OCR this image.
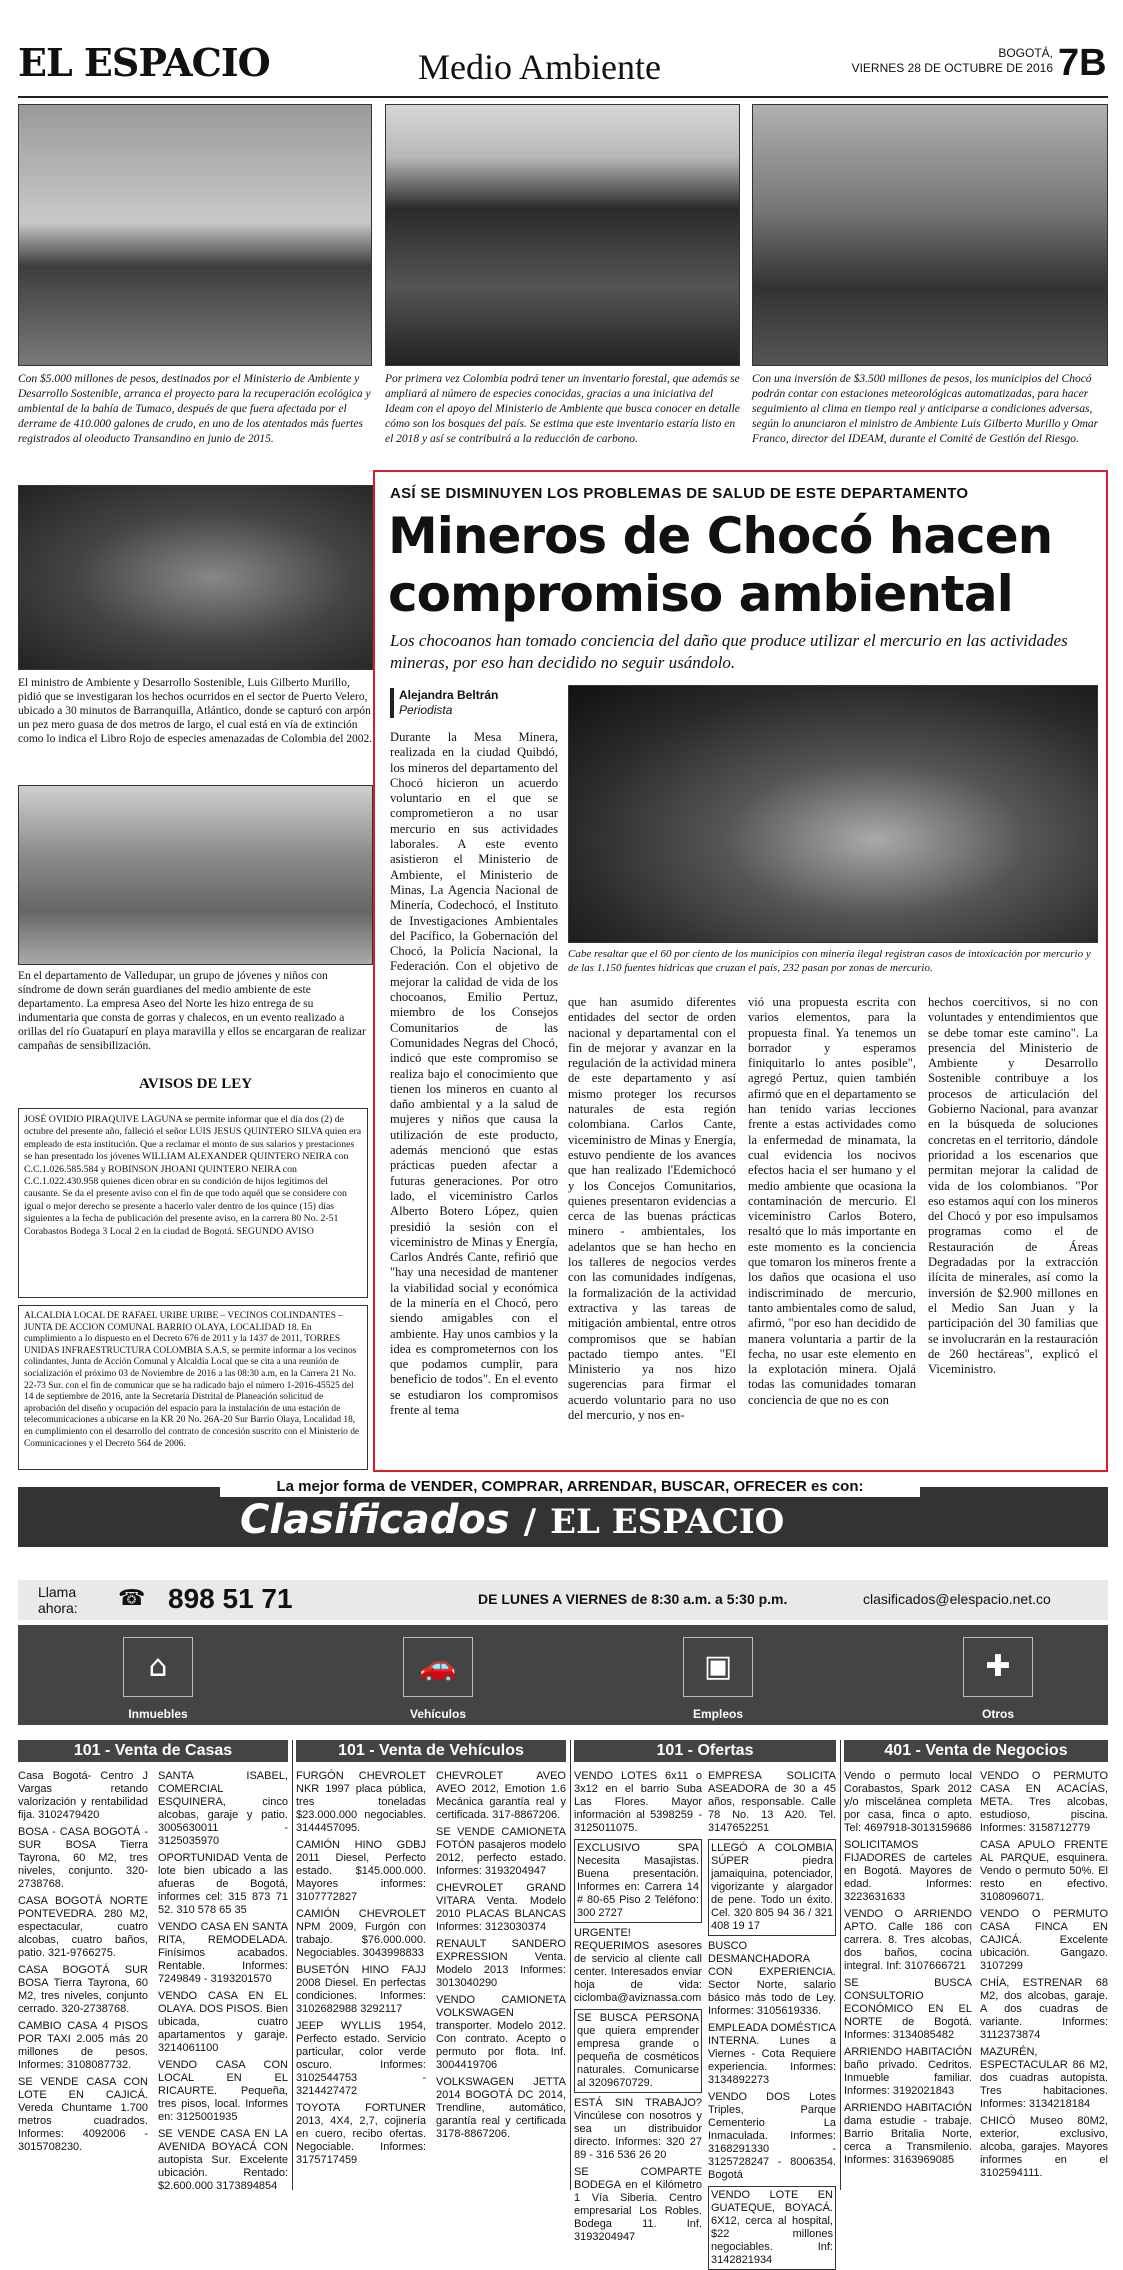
EL ESPACIO	Medio Ambiente	BOGOTÁ,
VIERNES 28 DE OCTUBRE DE 2016 7B
Con $5.000 millones de pesos, destinados por el Ministerio de Ambiente y Desarrollo Sostenible, arranca el proyecto para la recuperación ecológica y ambiental de la bahía de Tumaco, después de que fuera afectada por el derrame de 410.000 galones de crudo, en uno de los atentados más fuertes registrados al oleoducto Transandino en junio de 2015.
Por primera vez Colombia podrá tener un inventario forestal, que además se ampliará al número de especies conocidas, gracias a una iniciativa del Ideam con el apoyo del Ministerio de Ambiente que busca conocer en detalle cómo son los bosques del país. Se estima que este inventario estaría listo en el 2018 y así se contribuirá a la reducción de carbono.
Con una inversión de $3.500 millones de pesos, los municipios del Chocó podrán contar con estaciones meteorológicas automatizadas, para hacer seguimiento al clima en tiempo real y anticiparse a condiciones adversas, según lo anunciaron el ministro de Ambiente Luis Gilberto Murillo y Omar Franco, director del IDEAM, durante el Comité de Gestión del Riesgo.
El ministro de Ambiente y Desarrollo Sostenible, Luis Gilberto Murillo, pidió que se investigaran los hechos ocurridos en el sector de Puerto Velero, ubicado a 30 minutos de Barranquilla, Atlántico, donde se capturó con arpón un pez mero guasa de dos metros de largo, el cual está en vía de extinción como lo indica el Libro Rojo de especies amenazadas de Colombia del 2002.
En el departamento de Valledupar, un grupo de jóvenes y niños con síndrome de down serán guardianes del medio ambiente de este departamento. La empresa Aseo del Norte les hizo entrega de su indumentaria que consta de gorras y chalecos, en un evento realizado a orillas del río Guatapurí en playa maravilla y ellos se encargaran de realizar campañas de sensibilización.
AVISOS DE LEY
JOSÉ OVIDIO PIRAQUIVE LAGUNA se permite informar que el día dos (2) de octubre del presente año, falleció el señor LUIS JESUS QUINTERO SILVA quien era empleado de esta institución. Que a reclamar el monto de sus salarios y prestaciones se han presentado los jóvenes WILLIAM ALEXANDER QUINTERO NEIRA con C.C.1.026.585.584 y ROBINSON JHOANI QUINTERO NEIRA con C.C.1.022.430.958 quienes dicen obrar en su condición de hijos legítimos del causante. Se da el presente aviso con el fin de que todo aquél que se considere con igual o mejor derecho se presente a hacerlo valer dentro de los quince (15) días siguientes a la fecha de publicación del presente aviso, en la carrera 80 No. 2-51 Corabastos Bodega 3 Local 2 en la ciudad de Bogotá. SEGUNDO AVISO
ALCALDIA LOCAL DE RAFAEL URIBE URIBE – VECINOS COLINDANTES – JUNTA DE ACCION COMUNAL BARRIO OLAYA, LOCALIDAD 18. En cumplimiento a lo dispuesto en el Decreto 676 de 2011 y la 1437 de 2011, TORRES UNIDAS INFRAESTRUCTURA COLOMBIA S.A.S, se permite informar a los vecinos colindantes, Junta de Acción Comunal y Alcaldía Local que se cita a una reunión de socialización el próximo 03 de Noviembre de 2016 a las 08:30 a.m, en la Carrera 21 No. 22-73 Sur. con el fin de comunicar que se ha radicado bajo el número 1-2016-45525 del 14 de septiembre de 2016, ante la Secretaría Distrital de Planeación solicitud de aprobación del diseño y ocupación del espacio para la instalación de una estación de telecomunicaciones a ubicarse en la KR 20 No. 26A-20 Sur Barrio Olaya, Localidad 18, en cumplimiento con el desarrollo del contrato de concesión suscrito con el Ministerio de Comunicaciones y el Decreto 564 de 2006.
ASÍ SE DISMINUYEN LOS PROBLEMAS DE SALUD DE ESTE DEPARTAMENTO
Mineros de Chocó hacen compromiso ambiental
Los chocoanos han tomado conciencia del daño que produce utilizar el mercurio en las actividades mineras, por eso han decidido no seguir usándolo.
Alejandra Beltrán
Periodista
Cabe resaltar que el 60 por ciento de los municipios con minería ilegal registran casos de intoxicación por mercurio y de las 1.150 fuentes hídricas que cruzan el país, 232 pasan por zonas de mercurio.
Durante la Mesa Minera, realizada en la ciudad Quibdó, los mineros del departamento del Chocó hicieron un acuerdo voluntario en el que se comprometieron a no usar mercurio en sus actividades laborales. A este evento asistieron el Ministerio de Ambiente, el Ministerio de Minas, La Agencia Nacional de Minería, Codechocó, el Instituto de Investigaciones Ambientales del Pacífico, la Gobernación del Chocó, la Policía Nacional, la Federación. Con el objetivo de mejorar la calidad de vida de los chocoanos, Emilio Pertuz, miembro de los Consejos Comunitarios de las Comunidades Negras del Chocó, indicó que este compromiso se realiza bajo el conocimiento que tienen los mineros en cuanto al daño ambiental y a la salud de mujeres y niños que causa la utilización de este producto, además mencionó que estas prácticas pueden afectar a futuras generaciones. Por otro lado, el viceministro Carlos Alberto Botero López, quien presidió la sesión con el viceministro de Minas y Energía, Carlos Andrés Cante, refirió que "hay una necesidad de mantener la viabilidad social y económica de la minería en el Chocó, pero siendo amigables con el ambiente. Hay unos cambios y la idea es comprometernos con los que podamos cumplir, para beneficio de todos". En el evento se estudiaron los compromisos frente al tema
que han asumido diferentes entidades del sector de orden nacional y departamental con el fin de mejorar y avanzar en la regulación de la actividad minera de este departamento y así mismo proteger los recursos naturales de esta región colombiana. Carlos Cante, viceministro de Minas y Energía, estuvo pendiente de los avances que han realizado l'Edemichocó y los Concejos Comunitarios, quienes presentaron evidencias a cerca de las buenas prácticas minero - ambientales, los adelantos que se han hecho en los talleres de negocios verdes con las comunidades indígenas, la formalización de la actividad extractiva y las tareas de mitigación ambiental, entre otros compromisos que se habían pactado tiempo antes. "El Ministerio ya nos hizo sugerencias para firmar el acuerdo voluntario para no uso del mercurio, y nos en-
vió una propuesta escrita con varios elementos, para la propuesta final. Ya tenemos un borrador y esperamos finiquitarlo lo antes posible", agregó Pertuz, quien también afirmó que en el departamento se han tenido varias lecciones frente a estas actividades como la enfermedad de minamata, la cual evidencia los nocivos efectos hacia el ser humano y el medio ambiente que ocasiona la contaminación de mercurio. El viceministro Carlos Botero, resaltó que lo más importante en este momento es la conciencia que tomaron los mineros frente a los daños que ocasiona el uso indiscriminado de mercurio, tanto ambientales como de salud, afirmó, "por eso han decidido de manera voluntaria a partir de la fecha, no usar este elemento en la explotación minera. Ojalá todas las comunidades tomaran conciencia de que no es con
hechos coercitivos, si no con voluntades y entendimientos que se debe tomar este camino". La presencia del Ministerio de Ambiente y Desarrollo Sostenible contribuye a los procesos de articulación del Gobierno Nacional, para avanzar en la búsqueda de soluciones concretas en el territorio, dándole prioridad a los escenarios que permitan mejorar la calidad de vida de los colombianos. "Por eso estamos aquí con los mineros del Chocó y por eso impulsamos programas como el de Restauración de Áreas Degradadas por la extracción ilícita de minerales, así como la inversión de $2.900 millones en el Medio San Juan y la participación del 30 familias que se involucrarán en la restauración de 260 hectáreas", explicó el Viceministro.
La mejor forma de VENDER, COMPRAR, ARRENDAR, BUSCAR, OFRECER es con:
Clasificados / EL ESPACIO
Llama ahora:	☎ 898 51 71	DE LUNES A VIERNES de 8:30 a.m. a 5:30 p.m.	clasificados@elespacio.net.co
⌂
Inmuebles
🚗
Vehículos
▣
Empleos
✚
Otros
101 - Venta de Casas	101 - Venta de Vehículos	101 - Ofertas	401 - Venta de Negocios
Casa Bogotá- Centro J Vargas retando valorización y rentabilidad fija. 3102479420
BOSA - CASA BOGOTÁ - SUR BOSA Tierra Tayrona, 60 M2, tres niveles, conjunto. 320-2738768.
CASA BOGOTÁ NORTE PONTEVEDRA. 280 M2, espectacular, cuatro alcobas, cuatro baños, patio. 321-9766275.
CASA BOGOTÁ SUR BOSA Tierra Tayrona, 60 M2, tres niveles, conjunto cerrado. 320-2738768.
CAMBIO CASA 4 PISOS POR TAXI 2.005 más 20 millones de pesos. Informes: 3108087732.
SE VENDE CASA CON LOTE EN CAJICÁ. Vereda Chuntame 1.700 metros cuadrados. Informes: 4092006 - 3015708230.
SANTA ISABEL, COMERCIAL ESQUINERA, cinco alcobas, garaje y patio. 3005630011 - 3125035970
OPORTUNIDAD Venta de lote bien ubicado a las afueras de Bogotá, informes cel: 315 873 71 52. 310 578 65 35
VENDO CASA EN SANTA RITA, REMODELADA. Finísimos acabados. Rentable. Informes: 7249849 - 3193201570
VENDO CASA EN EL OLAYA. DOS PISOS. Bien ubicada, cuatro apartamentos y garaje. 3214061100
VENDO CASA CON LOCAL EN EL RICAURTE. Pequeña, tres pisos, local. Informes en: 3125001935
SE VENDE CASA EN LA AVENIDA BOYACÁ CON autopista Sur. Excelente ubicación. Rentado: $2.600.000 3173894854
FURGÓN CHEVROLET NKR 1997 placa pública, tres toneladas $23.000.000 negociables. 3144457095.
CAMIÓN HINO GDBJ 2011 Diesel, Perfecto estado. $145.000.000. Mayores informes: 3107772827
CAMIÓN CHEVROLET NPM 2009, Furgón con trabajo. $76.000.000. Negociables. 3043998833
BUSETÓN HINO FAJJ 2008 Diesel. En perfectas condiciones. Informes: 3102682988 3292117
JEEP WYLLIS 1954, Perfecto estado. Servicio particular, color verde oscuro. Informes: 3102544753 - 3214427472
TOYOTA FORTUNER 2013, 4X4, 2,7, cojinería en cuero, recibo ofertas. Negociable. Informes: 3175717459
CHEVROLET AVEO AVEO 2012, Emotion 1.6 Mecánica garantía real y certificada. 317-8867206.
SE VENDE CAMIONETA FOTÓN pasajeros modelo 2012, perfecto estado. Informes: 3193204947
CHEVROLET GRAND VITARA Venta. Modelo 2010 PLACAS BLANCAS Informes: 3123030374
RENAULT SANDERO EXPRESSION Venta. Modelo 2013 Informes: 3013040290
VENDO CAMIONETA VOLKSWAGEN transporter. Modelo 2012. Con contrato. Acepto o permuto por flota. Inf. 3004419706
VOLKSWAGEN JETTA 2014 BOGOTÁ DC 2014, Trendline, automático, garantía real y certificada 3178-8867206.
VENDO LOTES 6x11 o 3x12 en el barrio Suba Las Flores. Mayor información al 5398259 - 3125011075.
EXCLUSIVO SPA Necesita Masajistas. Buena presentación. Informes en: Carrera 14 # 80-65 Piso 2 Teléfono: 300 2727
URGENTE! REQUERIMOS asesores de servicio al cliente call center. Interesados enviar hoja de vida: ciclomba@aviznassa.com
SE BUSCA PERSONA que quiera emprender empresa grande o pequeña de cosméticos naturales. Comunicarse al 3209670729.
ESTÁ SIN TRABAJO? Vincúlese con nosotros y sea un distribuidor directo. Informes: 320 27 89 - 316 536 26 20
SE COMPARTE BODEGA en el Kilómetro 1 Vía Siberia. Centro empresarial Los Robles. Bodega 11. Inf. 3193204947
EMPRESA SOLICITA ASEADORA de 30 a 45 años, responsable. Calle 78 No. 13 A20. Tel. 3147652251
LLEGÓ A COLOMBIA SÚPER piedra jamaiquina, potenciador, vigorizante y alargador de pene. Todo un éxito. Cel. 320 805 94 36 / 321 408 19 17
BUSCO DESMANCHADORA CON EXPERIENCIA. Sector Norte, salario básico más todo de Ley. Informes: 3105619336.
EMPLEADA DOMÉSTICA INTERNA. Lunes a Viernes - Cota Requiere experiencia. Informes: 3134892273
VENDO DOS Lotes Triples, Parque Cementerio La Inmaculada. Informes: 3168291330 - 3125728247 - 8006354. Bogotá
VENDO LOTE EN GUATEQUE, BOYACÁ. 6X12, cerca al hospital, $22 millones negociables. Inf: 3142821934
Vendo o permuto local Corabastos, Spark 2012 y/o miscelánea completa por casa, finca o apto. Tel: 4697918-3013159686
SOLICITAMOS FIJADORES de carteles en Bogotá. Mayores de edad. Informes: 3223631633
VENDO O ARRIENDO APTO. Calle 186 con carrera. 8. Tres alcobas, dos baños, cocina integral. Inf: 3107666721
SE BUSCA CONSULTORIO ECONÓMICO EN EL NORTE de Bogotá. Informes: 3134085482
ARRIENDO HABITACIÓN baño privado. Cedritos. Inmueble familiar. Informes: 3192021843
ARRIENDO HABITACIÓN dama estudie - trabaje. Barrio Britalia Norte, cerca a Transmilenio. Informes: 3163969085
VENDO O PERMUTO CASA EN ACACÍAS, META. Tres alcobas, estudioso, piscina. Informes: 3158712779
CASA APULO FRENTE AL PARQUE, esquinera. Vendo o permuto 50%. El resto en efectivo. 3108096071.
VENDO O PERMUTO CASA FINCA EN CAJICÁ. Excelente ubicación. Gangazo. 3107299
CHÍA, ESTRENAR 68 M2, dos alcobas, garaje. A dos cuadras de variante. Informes: 3112373874
MAZURÉN, ESPECTACULAR 86 M2, dos cuadras autopista. Tres habitaciones. Informes: 3134218184
CHICÓ Museo 80M2, exterior, exclusivo, alcoba, garajes. Mayores informes en el 3102594111.
